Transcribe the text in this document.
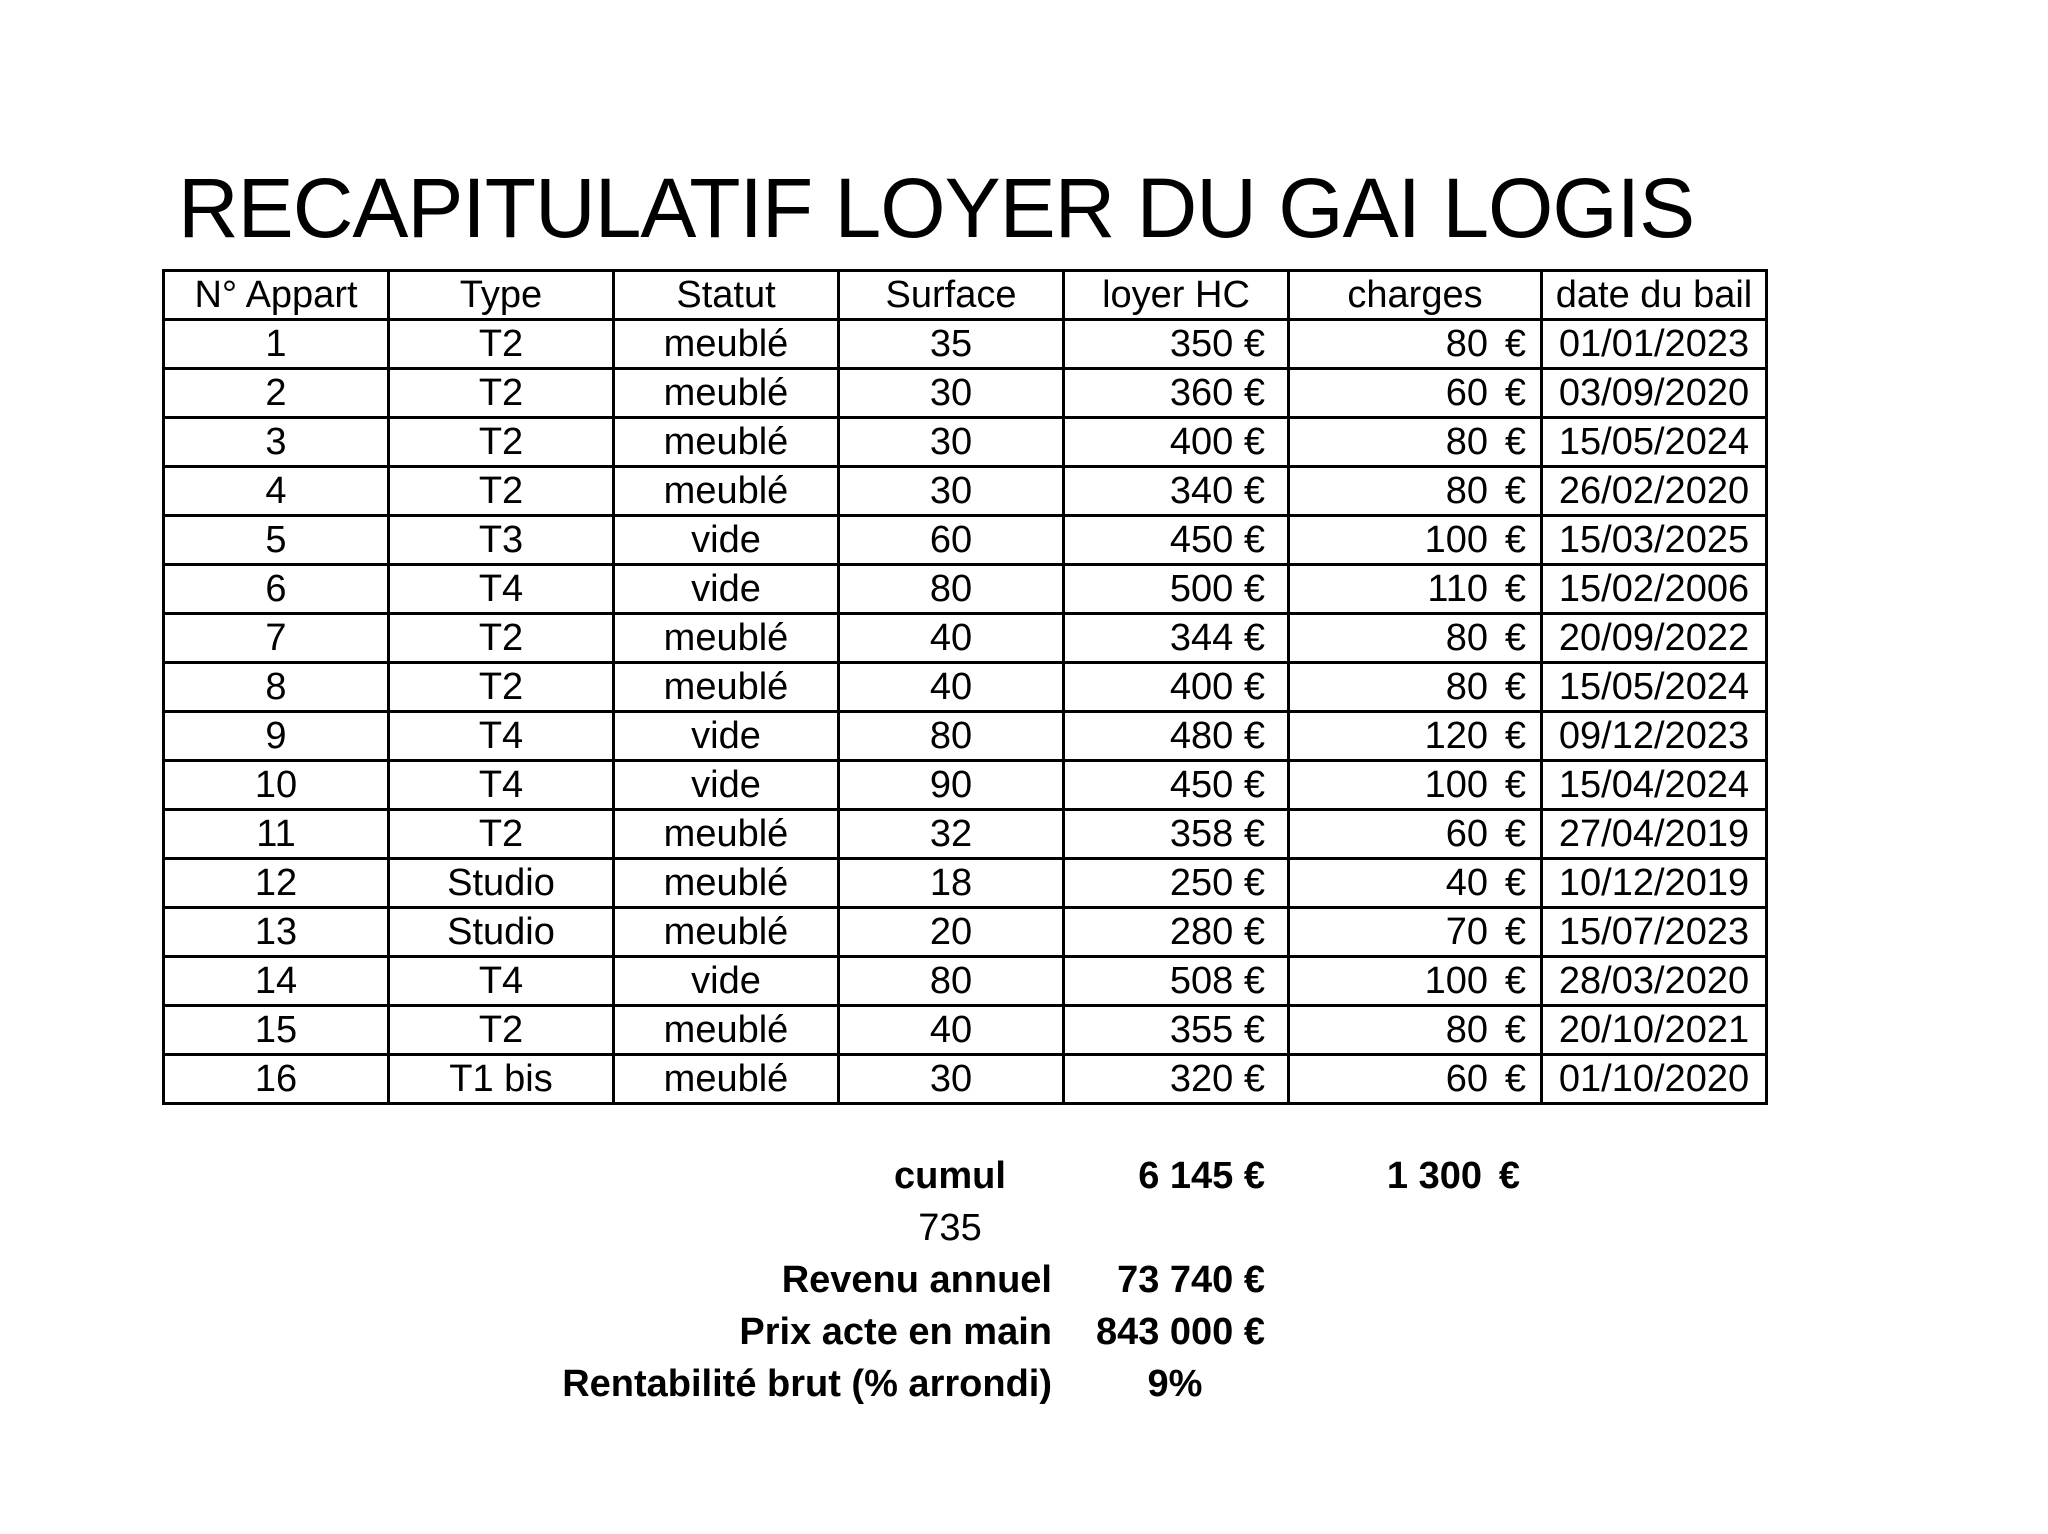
RECAPITULATIF LOYER DU GAI LOGIS
N° Appart	Type	Statut	Surface	loyer HC	charges	date du bail
1	T2	meublé	35	350 €	80 €	01/01/2023
2	T2	meublé	30	360 €	60 €	03/09/2020
3	T2	meublé	30	400 €	80 €	15/05/2024
4	T2	meublé	30	340 €	80 €	26/02/2020
5	T3	vide	60	450 €	100 €	15/03/2025
6	T4	vide	80	500 €	110 €	15/02/2006
7	T2	meublé	40	344 €	80 €	20/09/2022
8	T2	meublé	40	400 €	80 €	15/05/2024
9	T4	vide	80	480 €	120 €	09/12/2023
10	T4	vide	90	450 €	100 €	15/04/2024
11	T2	meublé	32	358 €	60 €	27/04/2019
12	Studio	meublé	18	250 €	40 €	10/12/2019
13	Studio	meublé	20	280 €	70 €	15/07/2023
14	T4	vide	80	508 €	100 €	28/03/2020
15	T2	meublé	40	355 €	80 €	20/10/2021
16	T1 bis	meublé	30	320 €	60 €	01/10/2020
cumul	6 145 €	1 300 €
735
Revenu annuel	73 740 €
Prix acte en main	843 000 €
Rentabilité brut (% arrondi)	9%
